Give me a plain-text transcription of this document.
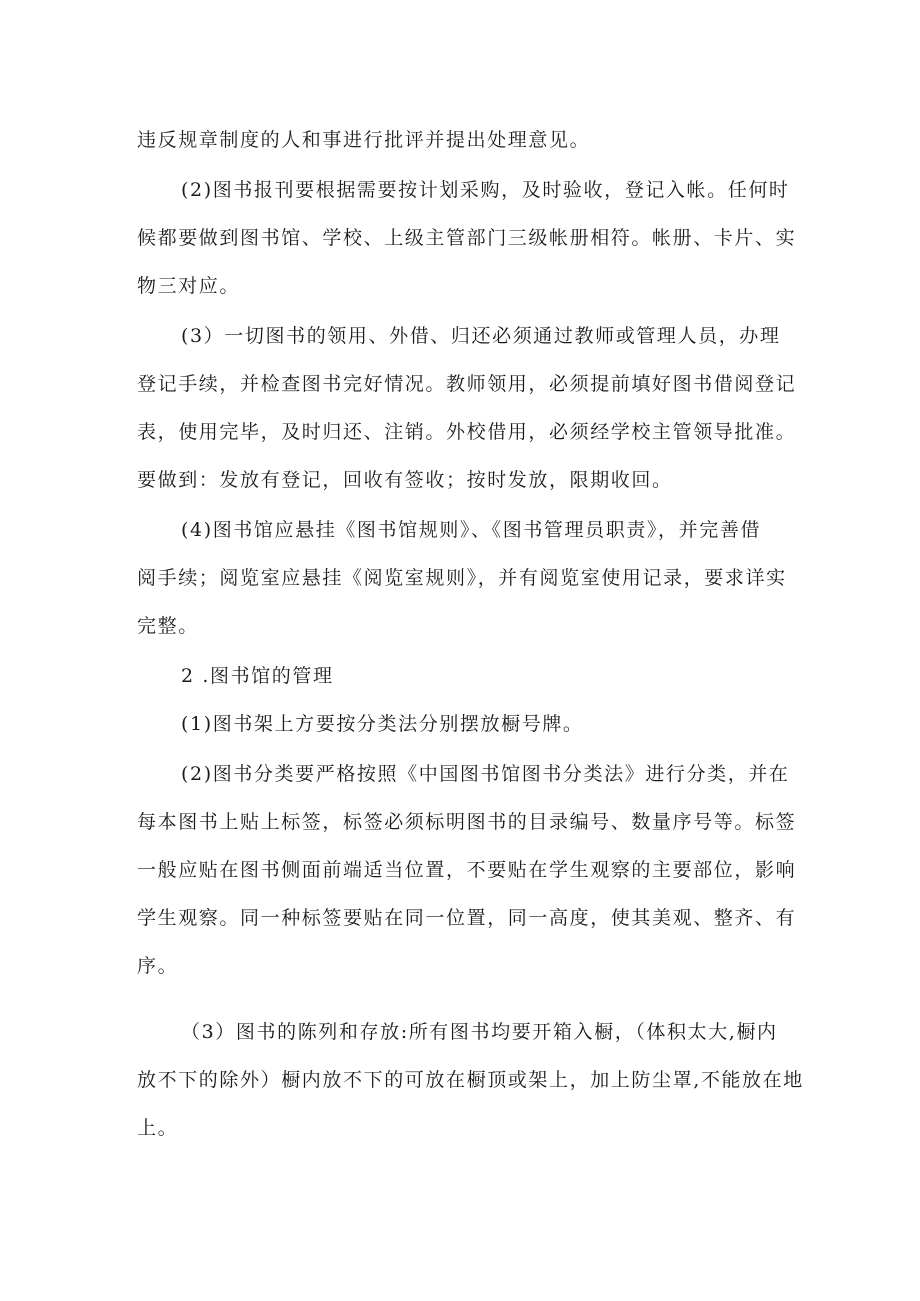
违反规章制度的人和事进行批评并提出处理意见。
(2)图书报刊要根据需要按计划采购，及时验收，登记入帐。任何时
候都要做到图书馆、学校、上级主管部门三级帐册相符。帐册、卡片、实
物三对应。
(3）一切图书的领用、外借、归还必须通过教师或管理人员，办理
登记手续，并检查图书完好情况。教师领用，必须提前填好图书借阅登记
表，使用完毕，及时归还、注销。外校借用，必须经学校主管领导批准。
要做到：发放有登记，回收有签收；按时发放，限期收回。
(4)图书馆应悬挂《图书馆规则》、《图书管理员职责》，并完善借
阅手续；阅览室应悬挂《阅览室规则》，并有阅览室使用记录，要求详实
完整。
2 .图书馆的管理
(1)图书架上方要按分类法分别摆放橱号牌。
(2)图书分类要严格按照《中国图书馆图书分类法》进行分类，并在
每本图书上贴上标签，标签必须标明图书的目录编号、数量序号等。标签
一般应贴在图书侧面前端适当位置，不要贴在学生观察的主要部位，影响
学生观察。同一种标签要贴在同一位置，同一高度，使其美观、整齐、有
序。
（3）图书的陈列和存放:所有图书均要开箱入橱，（体积太大,橱内
放不下的除外）橱内放不下的可放在橱顶或架上，加上防尘罩,不能放在地
上。
